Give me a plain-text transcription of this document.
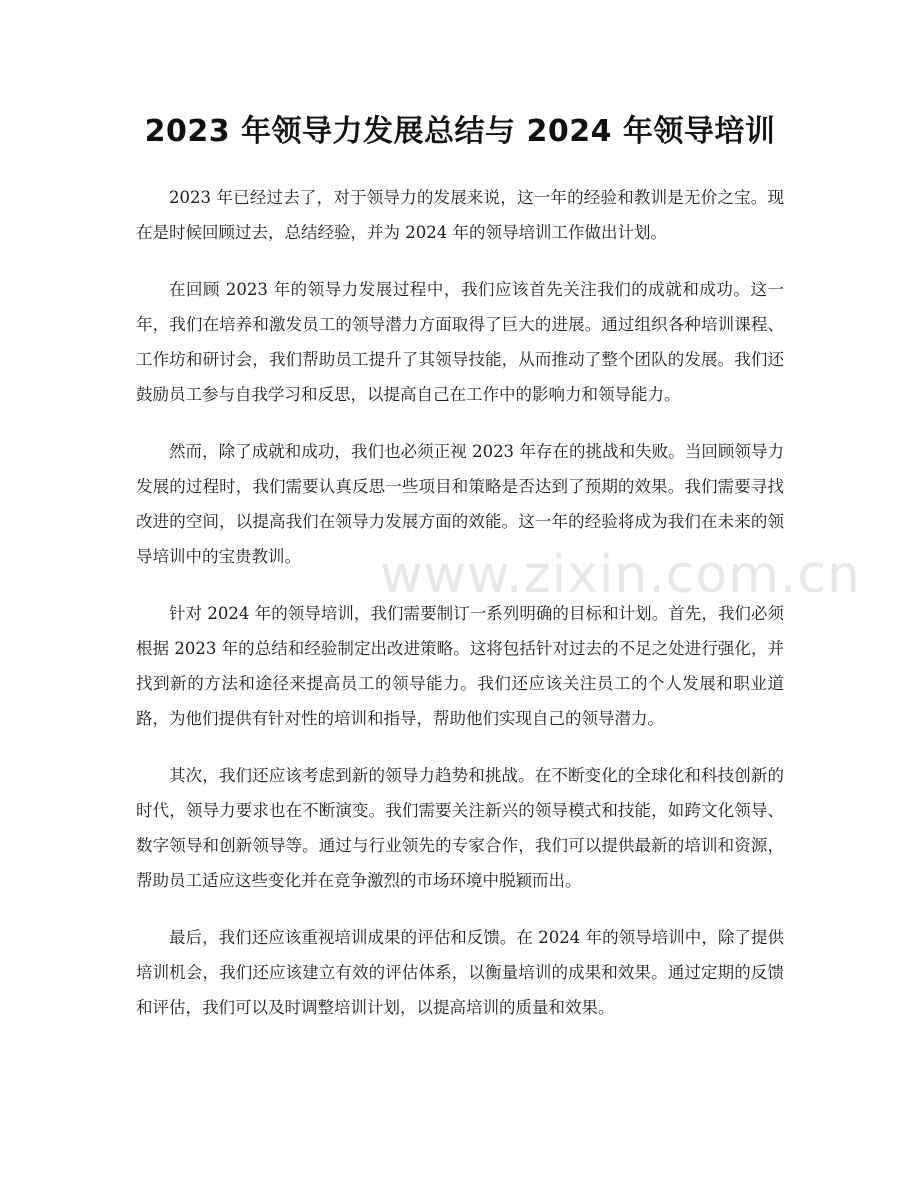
2023 年领导力发展总结与 2024 年领导培训

2023 年已经过去了，对于领导力的发展来说，这一年的经验和教训是无价之宝。现在是时候回顾过去，总结经验，并为 2024 年的领导培训工作做出计划。

在回顾 2023 年的领导力发展过程中，我们应该首先关注我们的成就和成功。这一年，我们在培养和激发员工的领导潜力方面取得了巨大的进展。通过组织各种培训课程、工作坊和研讨会，我们帮助员工提升了其领导技能，从而推动了整个团队的发展。我们还鼓励员工参与自我学习和反思，以提高自己在工作中的影响力和领导能力。

然而，除了成就和成功，我们也必须正视 2023 年存在的挑战和失败。当回顾领导力发展的过程时，我们需要认真反思一些项目和策略是否达到了预期的效果。我们需要寻找改进的空间，以提高我们在领导力发展方面的效能。这一年的经验将成为我们在未来的领导培训中的宝贵教训。

针对 2024 年的领导培训，我们需要制订一系列明确的目标和计划。首先，我们必须根据 2023 年的总结和经验制定出改进策略。这将包括针对过去的不足之处进行强化，并找到新的方法和途径来提高员工的领导能力。我们还应该关注员工的个人发展和职业道路，为他们提供有针对性的培训和指导，帮助他们实现自己的领导潜力。

其次，我们还应该考虑到新的领导力趋势和挑战。在不断变化的全球化和科技创新的时代，领导力要求也在不断演变。我们需要关注新兴的领导模式和技能，如跨文化领导、数字领导和创新领导等。通过与行业领先的专家合作，我们可以提供最新的培训和资源，帮助员工适应这些变化并在竞争激烈的市场环境中脱颖而出。

最后，我们还应该重视培训成果的评估和反馈。在 2024 年的领导培训中，除了提供培训机会，我们还应该建立有效的评估体系，以衡量培训的成果和效果。通过定期的反馈和评估，我们可以及时调整培训计划，以提高培训的质量和效果。

www.zixin.com.cn
